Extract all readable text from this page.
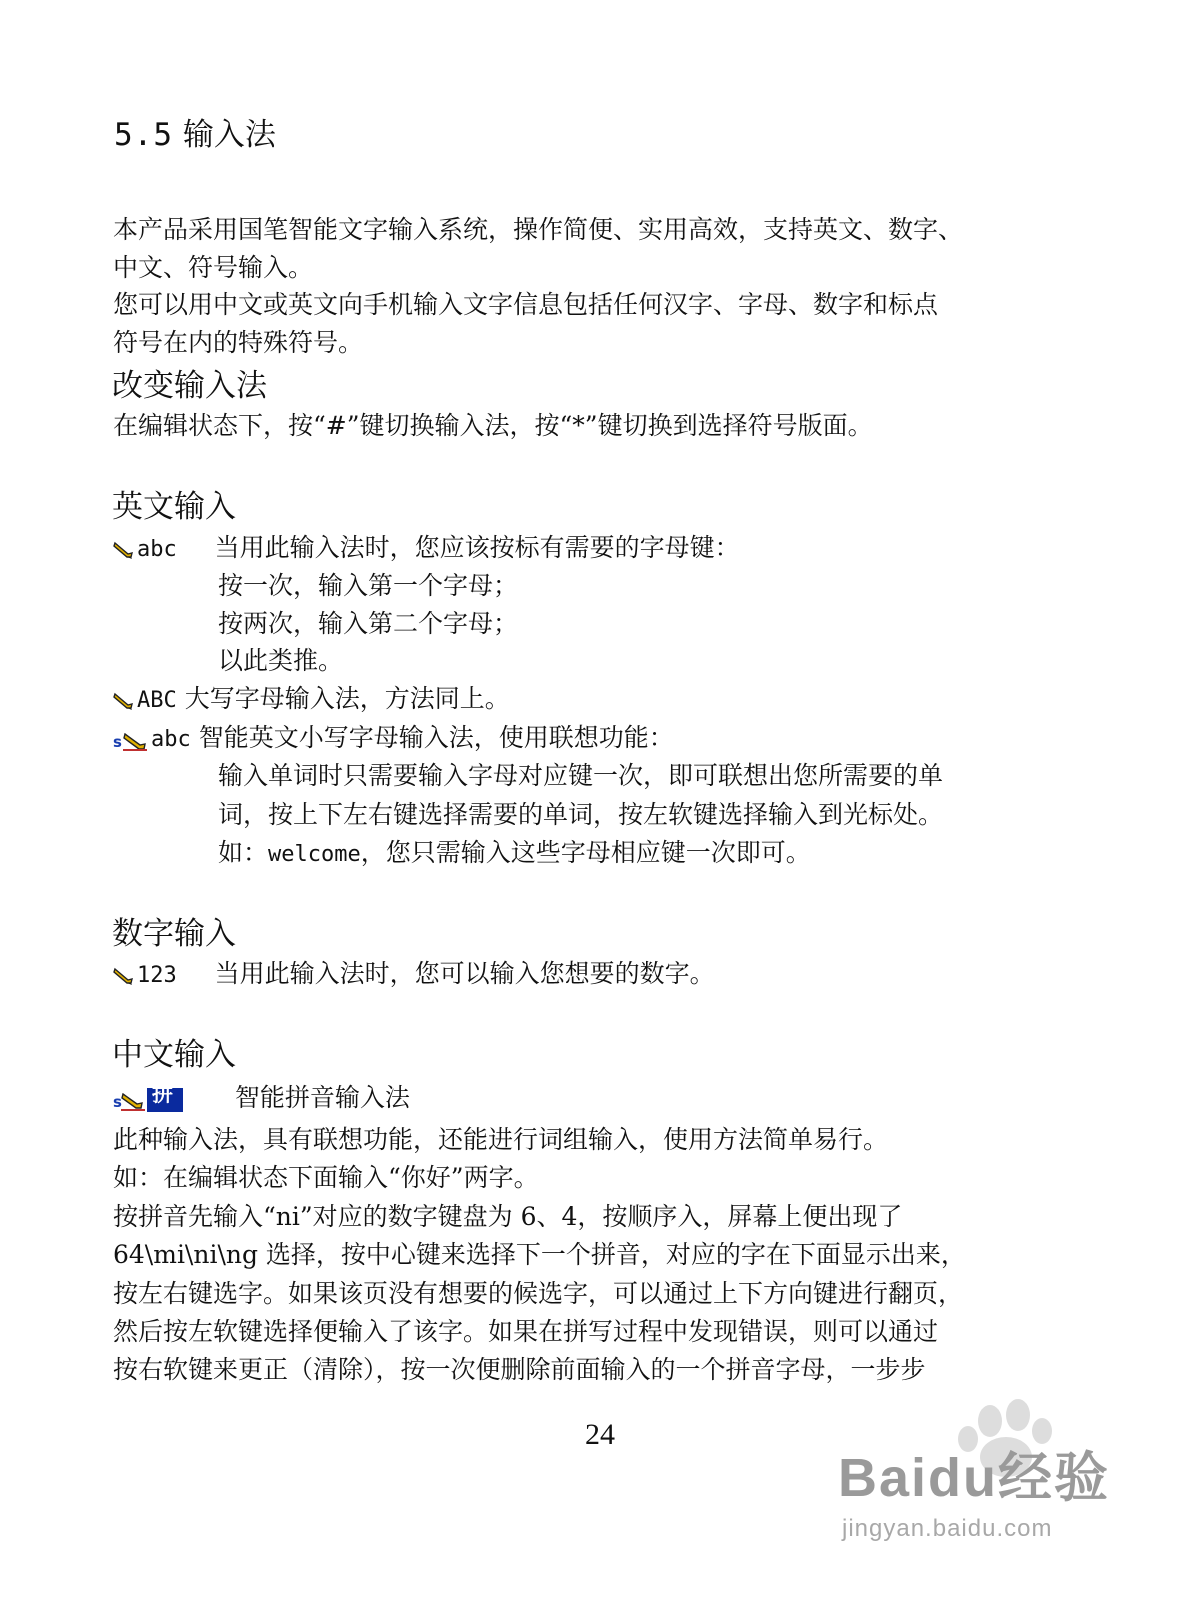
5.5 输入法
本产品采用国笔智能文字输入系统，操作简便、实用高效，支持英文、数字、
中文、符号输入。
您可以用中文或英文向手机输入文字信息包括任何汉字、字母、数字和标点
符号在内的特殊符号。
改变输入法
在编辑状态下，按“#”键切换输入法，按“*”键切换到选择符号版面。
英文输入
abc 当用此输入法时，您应该按标有需要的字母键：
按一次，输入第一个字母；
按两次，输入第二个字母；
以此类推。
ABC 大写字母输入法，方法同上。
s abc 智能英文小写字母输入法，使用联想功能：
输入单词时只需要输入字母对应键一次，即可联想出您所需要的单
词，按上下左右键选择需要的单词，按左软键选择输入到光标处。
如：welcome，您只需输入这些字母相应键一次即可。
数字输入
123 当用此输入法时，您可以输入您想要的数字。
中文输入
s 拼 智能拼音输入法
此种输入法，具有联想功能，还能进行词组输入，使用方法简单易行。
如：在编辑状态下面输入“你好”两字。
按拼音先输入“ni”对应的数字键盘为 6、4，按顺序入，屏幕上便出现了
64\mi\ni\ng 选择，按中心键来选择下一个拼音，对应的字在下面显示出来，
按左右键选字。如果该页没有想要的候选字，可以通过上下方向键进行翻页，
然后按左软键选择便输入了该字。如果在拼写过程中发现错误，则可以通过
按右软键来更正（清除），按一次便删除前面输入的一个拼音字母，一步步
24
Baidu经验
jingyan.baidu.com
